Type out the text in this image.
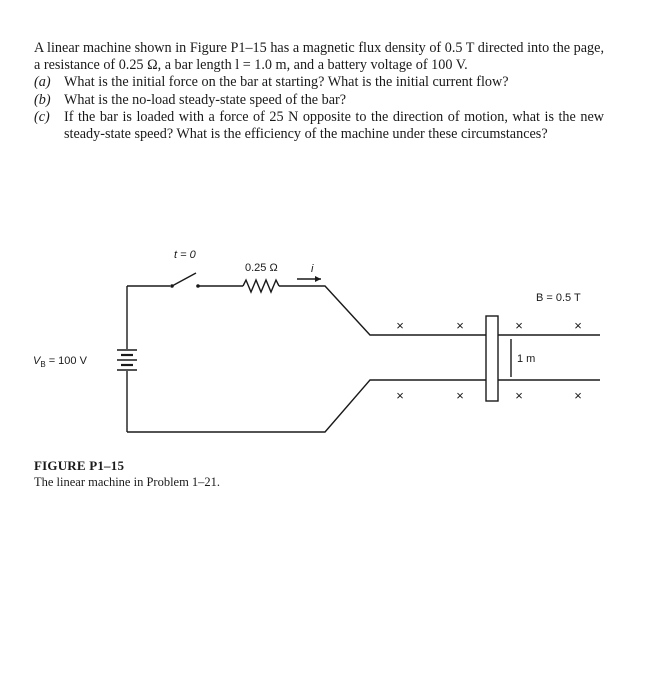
A linear machine shown in Figure P1–15 has a magnetic flux density of 0.5 T directed into the page, a resistance of 0.25 Ω, a bar length l = 1.0 m, and a battery voltage of 100 V.

(a) What is the initial force on the bar at starting? What is the initial current flow?
(b) What is the no-load steady-state speed of the bar?
(c) If the bar is loaded with a force of 25 N opposite to the direction of motion, what is the new steady-state speed? What is the efficiency of the machine under these circumstances?
t = 0
0.25 Ω	i
B = 0.5 T
1 m
$V_B = 100$ V
×	×	×	×
×	×	×	×
FIGURE P1–15
The linear machine in Problem 1–21.
